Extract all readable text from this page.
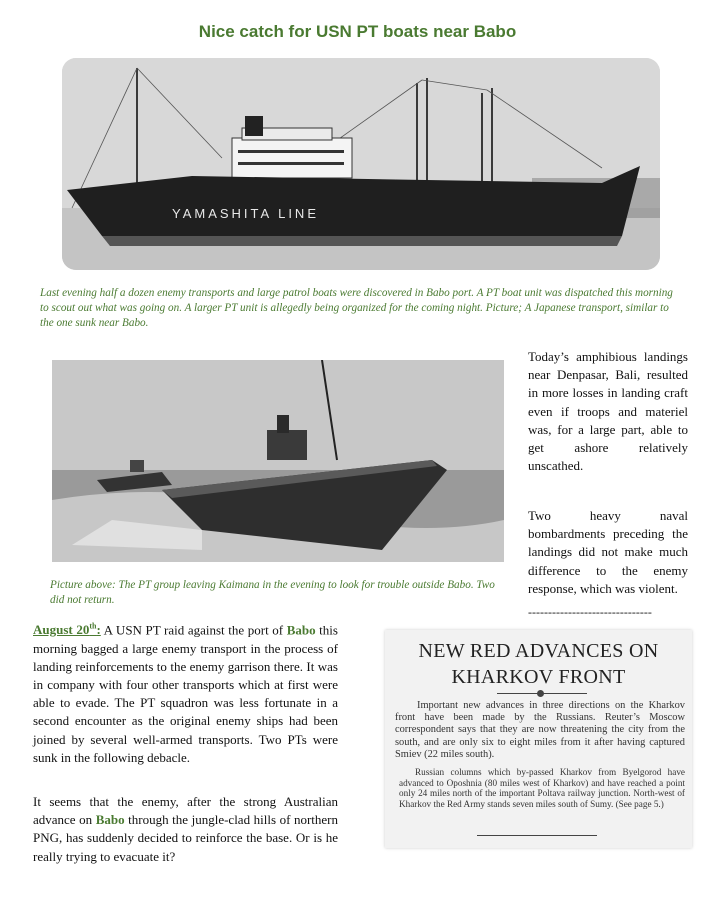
Nice catch for USN PT boats near Babo
YAMASHITA LINE
Last evening half a dozen enemy transports and large patrol boats were discovered in Babo port. A PT boat unit was dispatched this morning to scout out what was going on. A larger PT unit is allegedly being organized for the coming night. Picture; A Japanese transport, similar to the one sunk near Babo.
Picture above: The PT group leaving Kaimana in the evening to look for trouble outside Babo. Two did not return.
Today’s amphibious landings near Denpasar, Bali, resulted in more losses in landing craft even if troops and materiel was, for a large part, able to get ashore relatively unscathed.
Two heavy naval bombardments preceding the landings did not make much difference to the enemy response, which was violent.
-------------------------------
August 20th: A USN PT raid against the port of Babo this morning bagged a large enemy transport in the process of landing reinforcements to the enemy garrison there. It was in company with four other transports which at first were able to evade. The PT squadron was less fortunate in a second encounter as the original enemy ships had been joined by several well-armed transports. Two PTs were sunk in the following debacle.
It seems that the enemy, after the strong Australian advance on Babo through the jungle-clad hills of northern PNG, has suddenly decided to reinforce the base. Or is he really trying to evacuate it?
NEW RED ADVANCES ON
KHARKOV FRONT
Important new advances in three directions on the Kharkov front have been made by the Russians. Reuter’s Moscow correspondent says that they are now threatening the city from the south, and are only six to eight miles from it after having captured Smiev (22 miles south).
Russian columns which by-passed Kharkov from Byelgorod have advanced to Oposhnia (80 miles west of Kharkov) and have reached a point only 24 miles north of the important Poltava railway junction. North-west of Kharkov the Red Army stands seven miles south of Sumy. (See page 5.)
